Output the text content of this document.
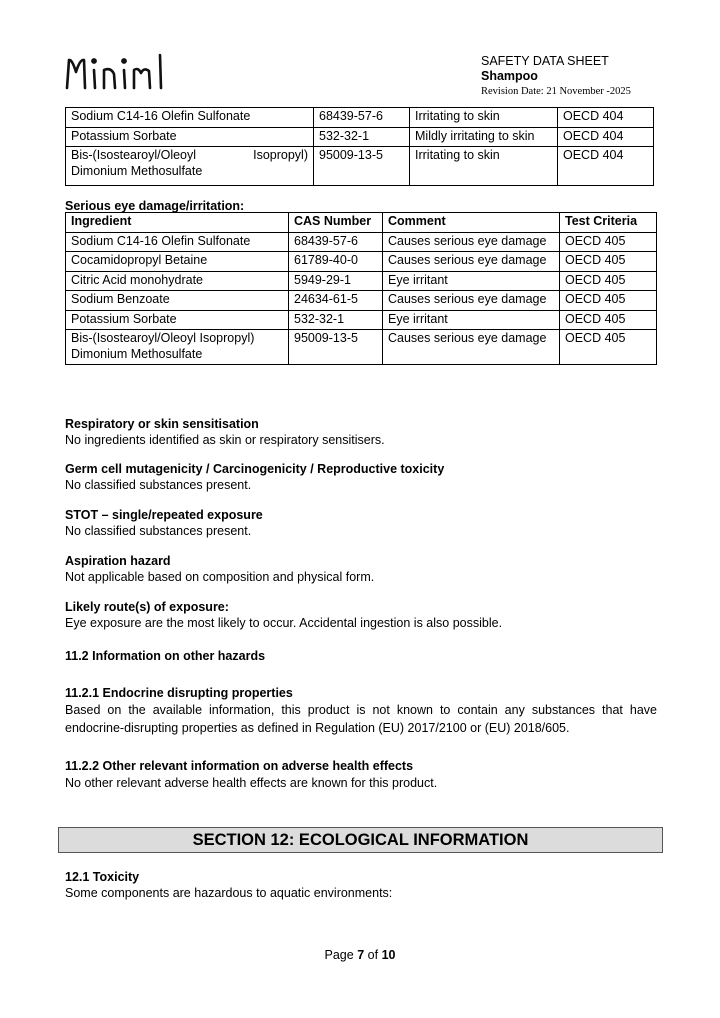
SAFETY DATA SHEET
Shampoo
Revision Date: 21 November -2025
Sodium C14-16 Olefin Sulfonate	68439-57-6	Irritating to skin	OECD 404
Potassium Sorbate	532-32-1	Mildly irritating to skin	OECD 404

Bis-(Isostearoyl/Oleoyl Isopropyl)
Dimonium Methosulfate	95009-13-5	Irritating to skin	OECD 404
Serious eye damage/irritation:
Ingredient	CAS Number	Comment	Test Criteria
Sodium C14-16 Olefin Sulfonate	68439-57-6	Causes serious eye damage	OECD 405
Cocamidopropyl Betaine	61789-40-0	Causes serious eye damage	OECD 405
Citric Acid monohydrate	5949-29-1	Eye irritant	OECD 405
Sodium Benzoate	24634-61-5	Causes serious eye damage	OECD 405
Potassium Sorbate	532-32-1	Eye irritant	OECD 405
Bis-(Isostearoyl/Oleoyl Isopropyl) Dimonium Methosulfate	95009-13-5	Causes serious eye damage	OECD 405
Respiratory or skin sensitisation
No ingredients identified as skin or respiratory sensitisers.
Germ cell mutagenicity / Carcinogenicity / Reproductive toxicity
No classified substances present.
STOT – single/repeated exposure
No classified substances present.
Aspiration hazard
Not applicable based on composition and physical form.
Likely route(s) of exposure:
Eye exposure are the most likely to occur. Accidental ingestion is also possible.
11.2 Information on other hazards
11.2.1 Endocrine disrupting properties
Based on the available information, this product is not known to contain any substances that have endocrine-disrupting properties as defined in Regulation (EU) 2017/2100 or (EU) 2018/605.
11.2.2 Other relevant information on adverse health effects
No other relevant adverse health effects are known for this product.
SECTION 12: ECOLOGICAL INFORMATION
12.1 Toxicity
Some components are hazardous to aquatic environments:
Page 7 of 10
